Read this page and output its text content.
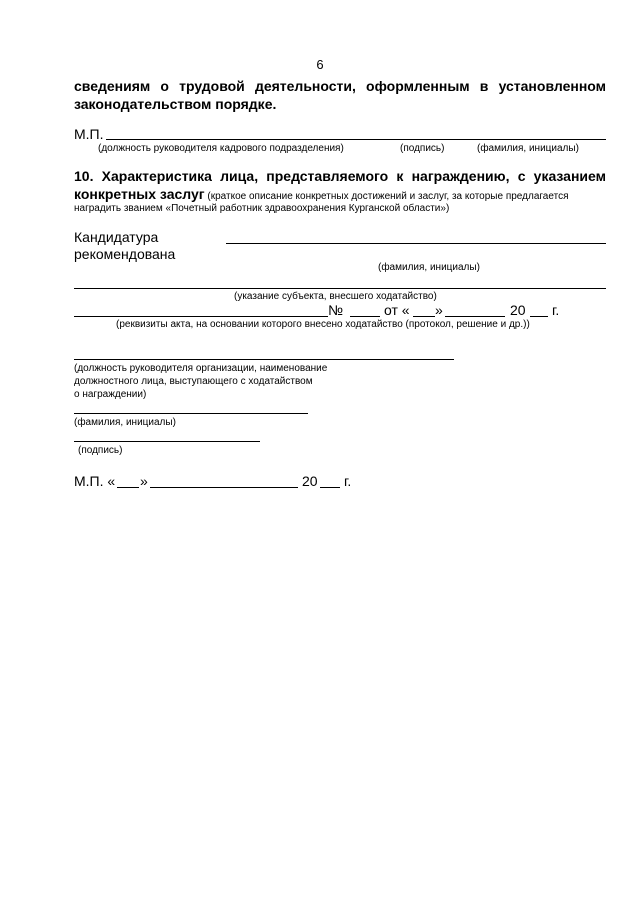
6
сведениям о трудовой деятельности, оформленным в установленном
законодательством порядке.
М.П.
(должность руководителя кадрового подразделения)	(подпись)	(фамилия, инициалы)
10. Характеристика лица, представляемого к награждению, с указанием
конкретных заслуг (краткое описание конкретных достижений и заслуг, за которые предлагается
наградить званием «Почетный работник здравоохранения Курганской области»)
Кандидатура
рекомендована
(фамилия, инициалы)
(указание субъекта, внесшего ходатайство)
№	от « »	20 г.
(реквизиты акта, на основании которого внесено ходатайство (протокол, решение и др.))
(должность руководителя организации, наименование
должностного лица, выступающего с ходатайством
о награждении)
(фамилия, инициалы)
(подпись)
М.П. « »	20 г.
